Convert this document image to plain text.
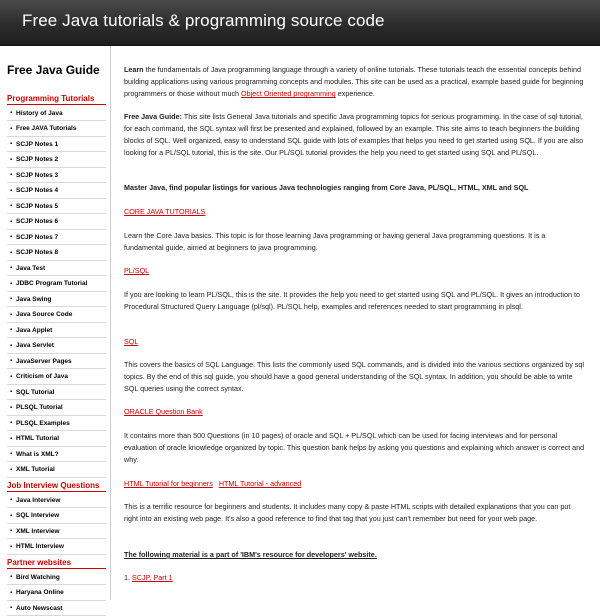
Free Java tutorials & programming source code
Free Java Guide
Programming Tutorials
▪ History of Java
▪ Free JAVA Tutorials
▪ SCJP Notes 1
▪ SCJP Notes 2
▪ SCJP Notes 3
▪ SCJP Notes 4
▪ SCJP Notes 5
▪ SCJP Notes 6
▪ SCJP Notes 7
▪ SCJP Notes 8
▪ Java Test
▪ JDBC Program Tutorial
▪ Java Swing
▪ Java Source Code
▪ Java Applet
▪ Java Servlet
▪ JavaServer Pages
▪ Criticism of Java
▪ SQL Tutorial
▪ PLSQL Tutorial
▪ PLSQL Examples
▪ HTML Tutorial
▪ What is XML?
▪ XML Tutorial
Job Interview Questions
▪ Java Interview
▪ SQL Interview
▪ XML Interview
▪ HTML Interview
Partner websites
▪ Bird Watching
▪ Haryana Online
▪ Auto Newscast
Learn the fundamentals of Java programming language through a variety of online tutorials. These tutorials teach the essential concepts behind building applications using various programming concepts and modules. This site can be used as a practical, example based guide for beginning programmers or those without much Object Oriented programming experience.
Free Java Guide: This site lists General Java tutorials and specific Java programming topics for serious programming. In the case of sql tutorial, for each command, the SQL syntax will first be presented and explained, followed by an example. This site aims to teach beginners the building blocks of SQL. Well organized, easy to understand SQL guide with lots of examples that helps you need to get started using SQL. If you are also looking for a PL/SQL tutorial, this is the site. Our PL/SQL tutorial provides the help you need to get started using SQL and PL/SQL.
Master Java, find popular listings for various Java technologies ranging from Core Java, PL/SQL, HTML, XML and SQL
CORE JAVA TUTORIALS
Learn the Core Java basics. This topic is for those learning Java programming or having general Java programming questions. It is a fundamental guide, aimed at beginners to java programming.
PL/SQL
If you are looking to learn PL/SQL, this is the site. It provides the help you need to get started using SQL and PL/SQL. It gives an introduction to Procedural Structured Query Language (pl/sql). PL/SQL help, examples and references needed to start programming in plsql.
SQL
This covers the basics of SQL Language. This lists the commonly used SQL commands, and is divided into the various sections organized by sql topics. By the end of this sql guide, you should have a good general understanding of the SQL syntax. In addition, you should be able to write SQL queries using the correct syntax.
ORACLE Question Bank
It contains more than 500 Questions (in 10 pages) of oracle and SQL + PL/SQL which can be used for facing interviews and for personal evaluation of oracle knowledge organized by topic. This question bank helps by asking you questions and explaining which answer is correct and why.
HTML Tutorial for beginners HTML Tutorial - advanced
This is a terrific resource for beginners and students. It includes many copy & paste HTML scripts with detailed explanations that you can put right into an existing web page. It's also a good reference to find that tag that you just can't remember but need for your web page.
The following material is a part of 'IBM's resource for developers' website.
1. SCJP, Part 1
